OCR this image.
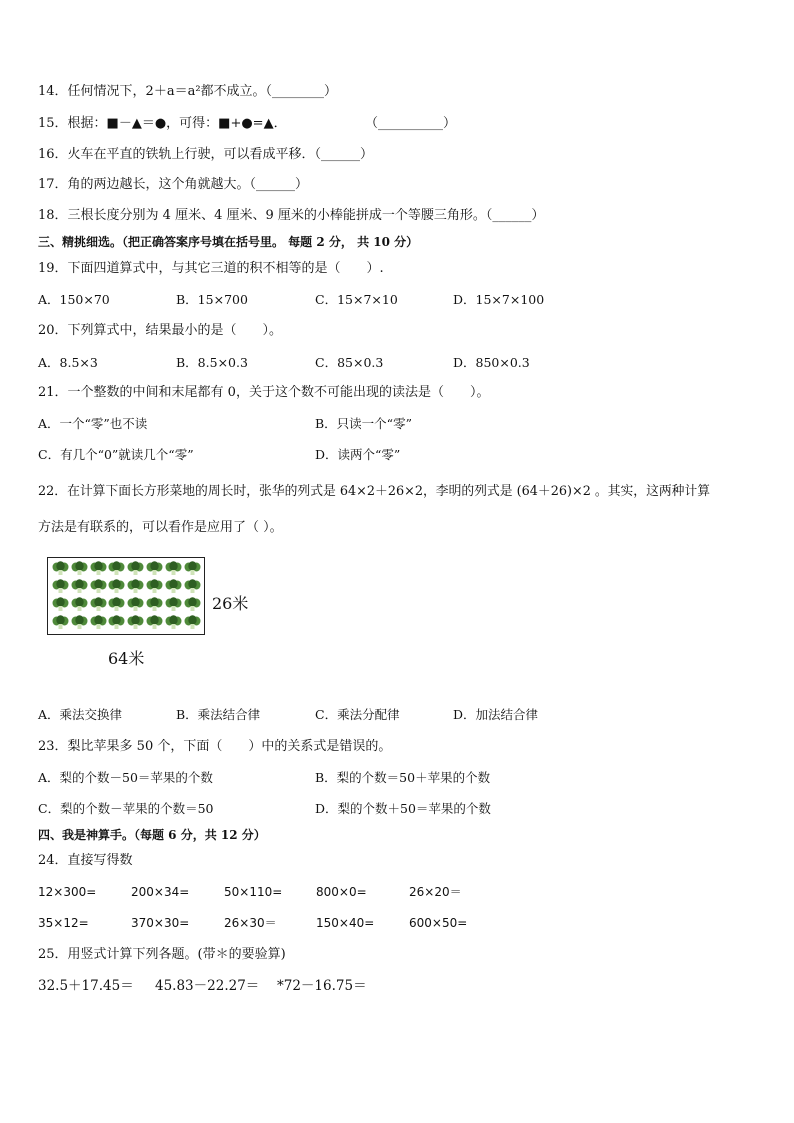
14．任何情况下，2＋a＝a²都不成立。（________）
15．根据：■－▲＝●，可得：■+●=▲．	（__________）
16．火车在平直的铁轨上行驶，可以看成平移．（______）
17．角的两边越长，这个角就越大。（______）
18．三根长度分别为 4 厘米、4 厘米、9 厘米的小棒能拼成一个等腰三角形。（______）
三、精挑细选。（把正确答案序号填在括号里。 每题 2 分， 共 10 分）
19．下面四道算式中，与其它三道的积不相等的是（　　）.
A．150×70	B．15×700	C．15×7×10	D．15×7×100
20．下列算式中，结果最小的是（　　）。
A．8.5×3	B．8.5×0.3	C．85×0.3	D．850×0.3
21．一个整数的中间和末尾都有 0，关于这个数不可能出现的读法是（　　）。
A．一个“零”也不读	B．只读一个“零”
C．有几个“0”就读几个“零”	D．读两个“零”
22．在计算下面长方形菜地的周长时，张华的列式是 64×2＋26×2，李明的列式是 (64＋26)×2 。其实，这两种计算
方法是有联系的，可以看作是应用了（ ）。
26米
64米
A．乘法交换律	B．乘法结合律	C．乘法分配律	D．加法结合律
23．梨比苹果多 50 个，下面（　　）中的关系式是错误的。
A．梨的个数－50＝苹果的个数	B．梨的个数＝50＋苹果的个数
C．梨的个数－苹果的个数＝50	D．梨的个数＋50＝苹果的个数
四、我是神算手。（每题 6 分，共 12 分）
24．直接写得数
12×300=	200×34=	50×110=	800×0=	26×20＝
35×12=	370×30=	26×30＝	150×40=	600×50=
25．用竖式计算下列各题。(带＊的要验算)
32.5＋17.45＝ 45.83－22.27＝ *72－16.75＝
